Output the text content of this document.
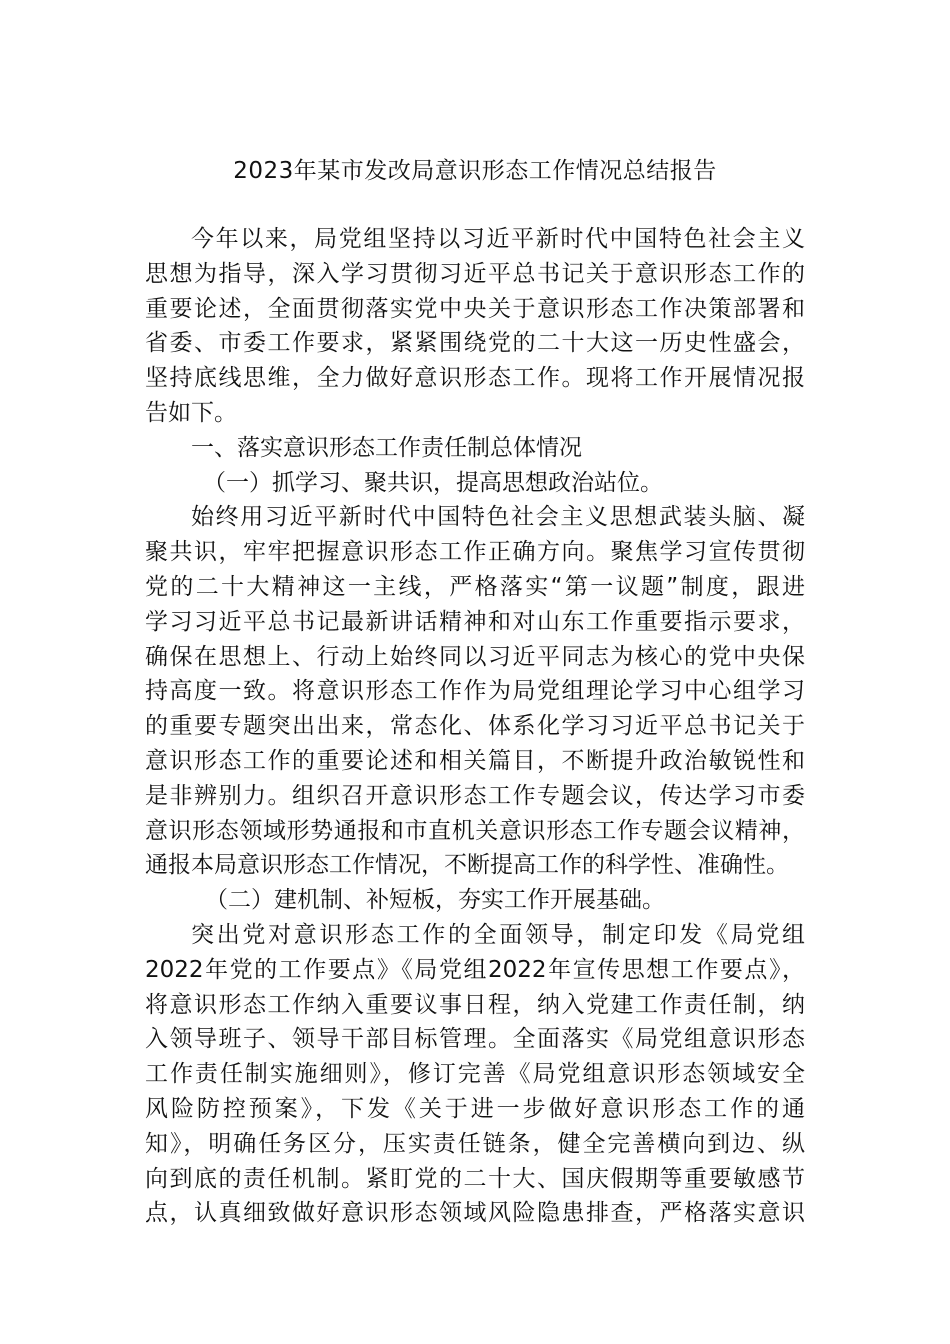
2023年某市发改局意识形态工作情况总结报告
今年以来，局党组坚持以习近平新时代中国特色社会主义
思想为指导，深入学习贯彻习近平总书记关于意识形态工作的
重要论述，全面贯彻落实党中央关于意识形态工作决策部署和
省委、市委工作要求，紧紧围绕党的二十大这一历史性盛会，
坚持底线思维，全力做好意识形态工作。现将工作开展情况报
告如下。
一、落实意识形态工作责任制总体情况
（一）抓学习、聚共识，提高思想政治站位。
始终用习近平新时代中国特色社会主义思想武装头脑、凝
聚共识，牢牢把握意识形态工作正确方向。聚焦学习宣传贯彻
党的二十大精神这一主线，严格落实“第一议题”制度，跟进
学习习近平总书记最新讲话精神和对山东工作重要指示要求，
确保在思想上、行动上始终同以习近平同志为核心的党中央保
持高度一致。将意识形态工作作为局党组理论学习中心组学习
的重要专题突出出来，常态化、体系化学习习近平总书记关于
意识形态工作的重要论述和相关篇目，不断提升政治敏锐性和
是非辨别力。组织召开意识形态工作专题会议，传达学习市委
意识形态领域形势通报和市直机关意识形态工作专题会议精神，
通报本局意识形态工作情况，不断提高工作的科学性、准确性。
（二）建机制、补短板，夯实工作开展基础。
突出党对意识形态工作的全面领导，制定印发《局党组
2022年党的工作要点》《局党组2022年宣传思想工作要点》，
将意识形态工作纳入重要议事日程，纳入党建工作责任制，纳
入领导班子、领导干部目标管理。全面落实《局党组意识形态
工作责任制实施细则》，修订完善《局党组意识形态领域安全
风险防控预案》，下发《关于进一步做好意识形态工作的通
知》，明确任务区分，压实责任链条，健全完善横向到边、纵
向到底的责任机制。紧盯党的二十大、国庆假期等重要敏感节
点，认真细致做好意识形态领域风险隐患排查，严格落实意识
